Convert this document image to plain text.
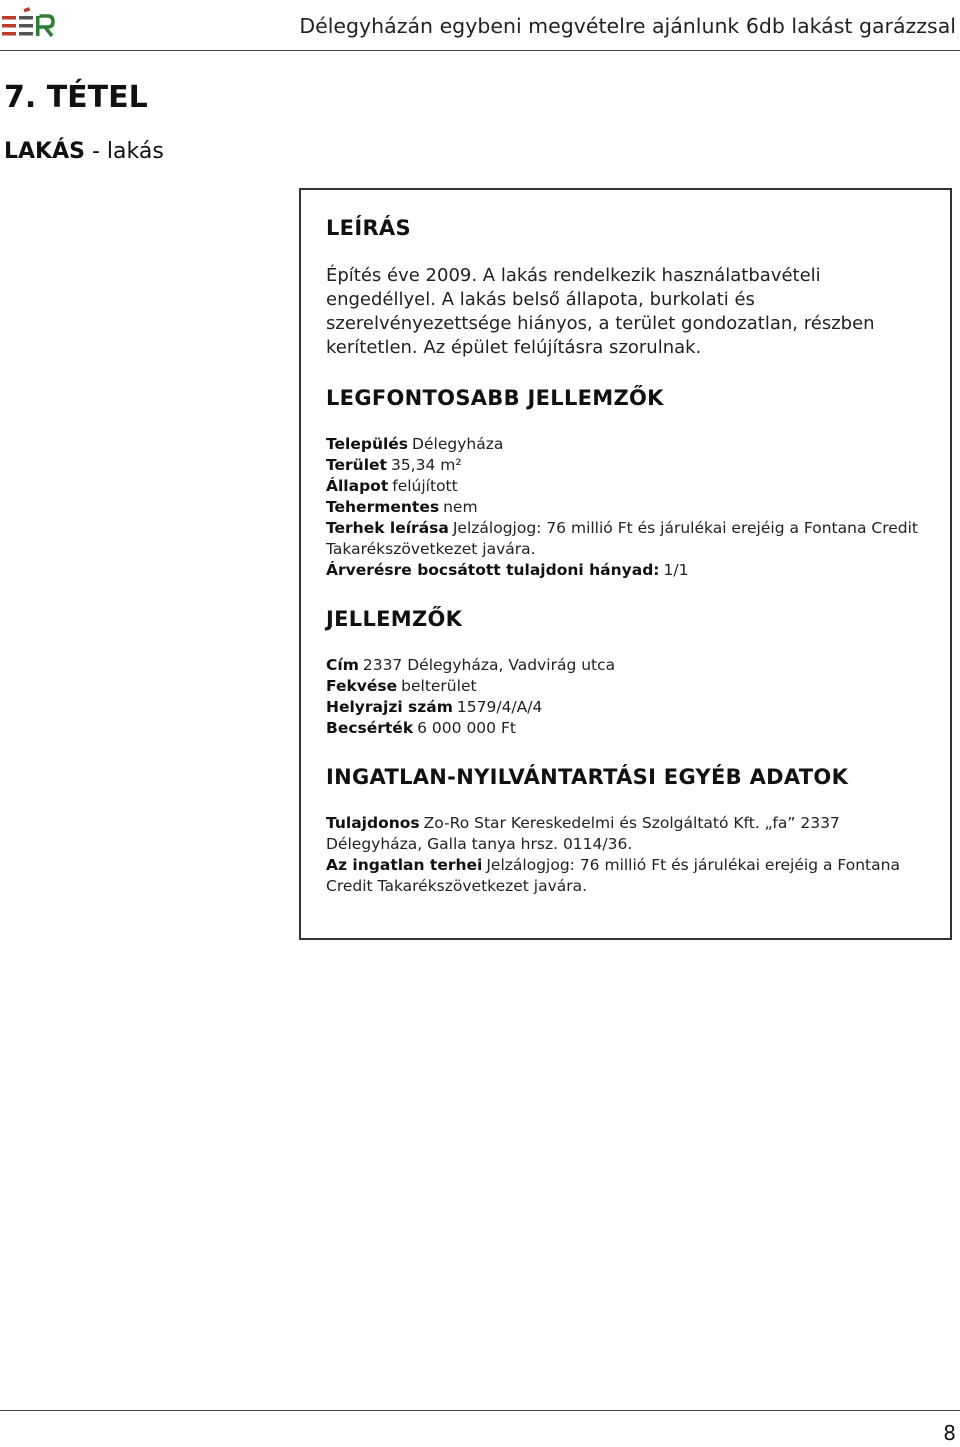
Délegyházán egybeni megvételre ajánlunk 6db lakást garázzsal
7. TÉTEL
LAKÁS - lakás
LEÍRÁS
Építés éve 2009. A lakás rendelkezik használatbavételi engedéllyel. A lakás belső állapota, burkolati és szerelvényezettsége hiányos, a terület gondozatlan, részben kerítetlen. Az épület felújításra szorulnak.
LEGFONTOSABB JELLEMZŐK
Település Délegyháza
Terület 35,34 m²
Állapot felújított
Tehermentes nem
Terhek leírása Jelzálogjog: 76 millió Ft és járulékai erejéig a Fontana Credit Takarékszövetkezet javára.
Árverésre bocsátott tulajdoni hányad: 1/1
JELLEMZŐK
Cím 2337 Délegyháza, Vadvirág utca
Fekvése belterület
Helyrajzi szám 1579/4/A/4
Becsérték 6 000 000 Ft
INGATLAN-NYILVÁNTARTÁSI EGYÉB ADATOK
Tulajdonos Zo-Ro Star Kereskedelmi és Szolgáltató Kft. „fa” 2337 Délegyháza, Galla tanya hrsz. 0114/36.
Az ingatlan terhei Jelzálogjog: 76 millió Ft és járulékai erejéig a Fontana Credit Takarékszövetkezet javára.
8
